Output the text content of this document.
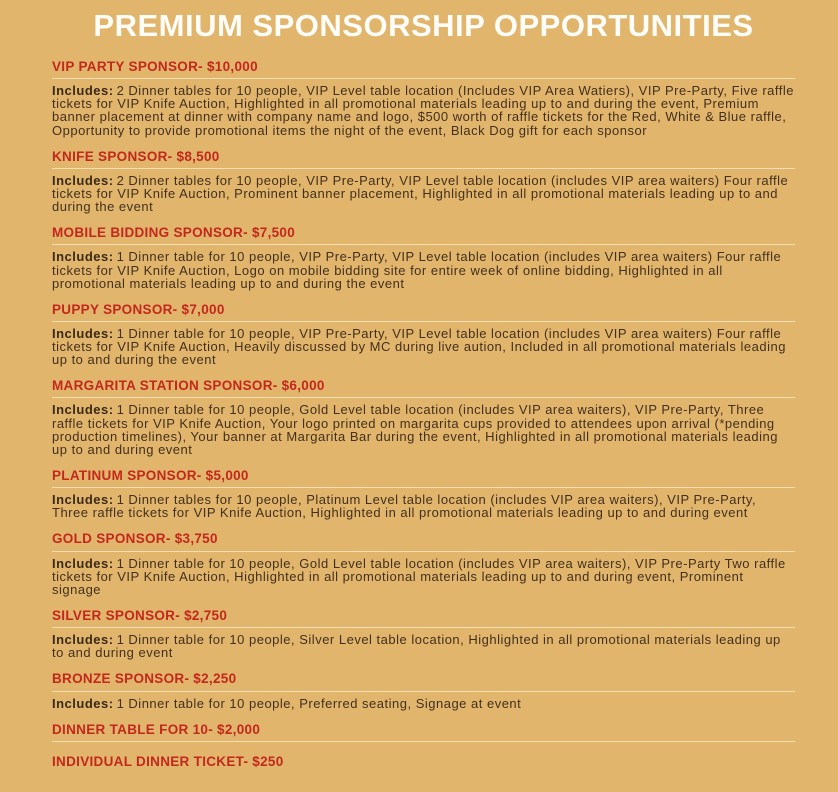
PREMIUM SPONSORSHIP OPPORTUNITIES
VIP PARTY SPONSOR- $10,000

Includes: 2 Dinner tables for 10 people, VIP Level table location (Includes VIP Area Watiers), VIP Pre-Party, Five raffle tickets for VIP Knife Auction, Highlighted in all promotional materials leading up to and during the event, Premium banner placement at dinner with company name and logo, $500 worth of raffle tickets for the Red, White & Blue raffle, Opportunity to provide promotional items the night of the event, Black Dog gift for each sponsor

KNIFE SPONSOR- $8,500

Includes: 2 Dinner tables for 10 people, VIP Pre-Party, VIP Level table location (includes VIP area waiters) Four raffle tickets for VIP Knife Auction, Prominent banner placement, Highlighted in all promotional materials leading up to and during the event

MOBILE BIDDING SPONSOR- $7,500

Includes: 1 Dinner table for 10 people, VIP Pre-Party, VIP Level table location (includes VIP area waiters) Four raffle tickets for VIP Knife Auction, Logo on mobile bidding site for entire week of online bidding, Highlighted in all promotional materials leading up to and during the event

PUPPY SPONSOR- $7,000

Includes: 1 Dinner table for 10 people, VIP Pre-Party, VIP Level table location (includes VIP area waiters) Four raffle tickets for VIP Knife Auction, Heavily discussed by MC during live aution, Included in all promotional materials leading up to and during the event

MARGARITA STATION SPONSOR- $6,000

Includes: 1 Dinner table for 10 people, Gold Level table location (includes VIP area waiters), VIP Pre-Party, Three raffle tickets for VIP Knife Auction, Your logo printed on margarita cups provided to attendees upon arrival (*pending production timelines), Your banner at Margarita Bar during the event, Highlighted in all promotional materials leading up to and during event

PLATINUM SPONSOR- $5,000

Includes: 1 Dinner tables for 10 people, Platinum Level table location (includes VIP area waiters), VIP Pre-Party, Three raffle tickets for VIP Knife Auction, Highlighted in all promotional materials leading up to and during event

GOLD SPONSOR- $3,750

Includes: 1 Dinner table for 10 people, Gold Level table location (includes VIP area waiters), VIP Pre-Party Two raffle tickets for VIP Knife Auction, Highlighted in all promotional materials leading up to and during event, Prominent signage

SILVER SPONSOR- $2,750

Includes: 1 Dinner table for 10 people, Silver Level table location, Highlighted in all promotional materials leading up to and during event

BRONZE SPONSOR- $2,250

Includes: 1 Dinner table for 10 people, Preferred seating, Signage at event

DINNER TABLE FOR 10- $2,000
INDIVIDUAL DINNER TICKET- $250
